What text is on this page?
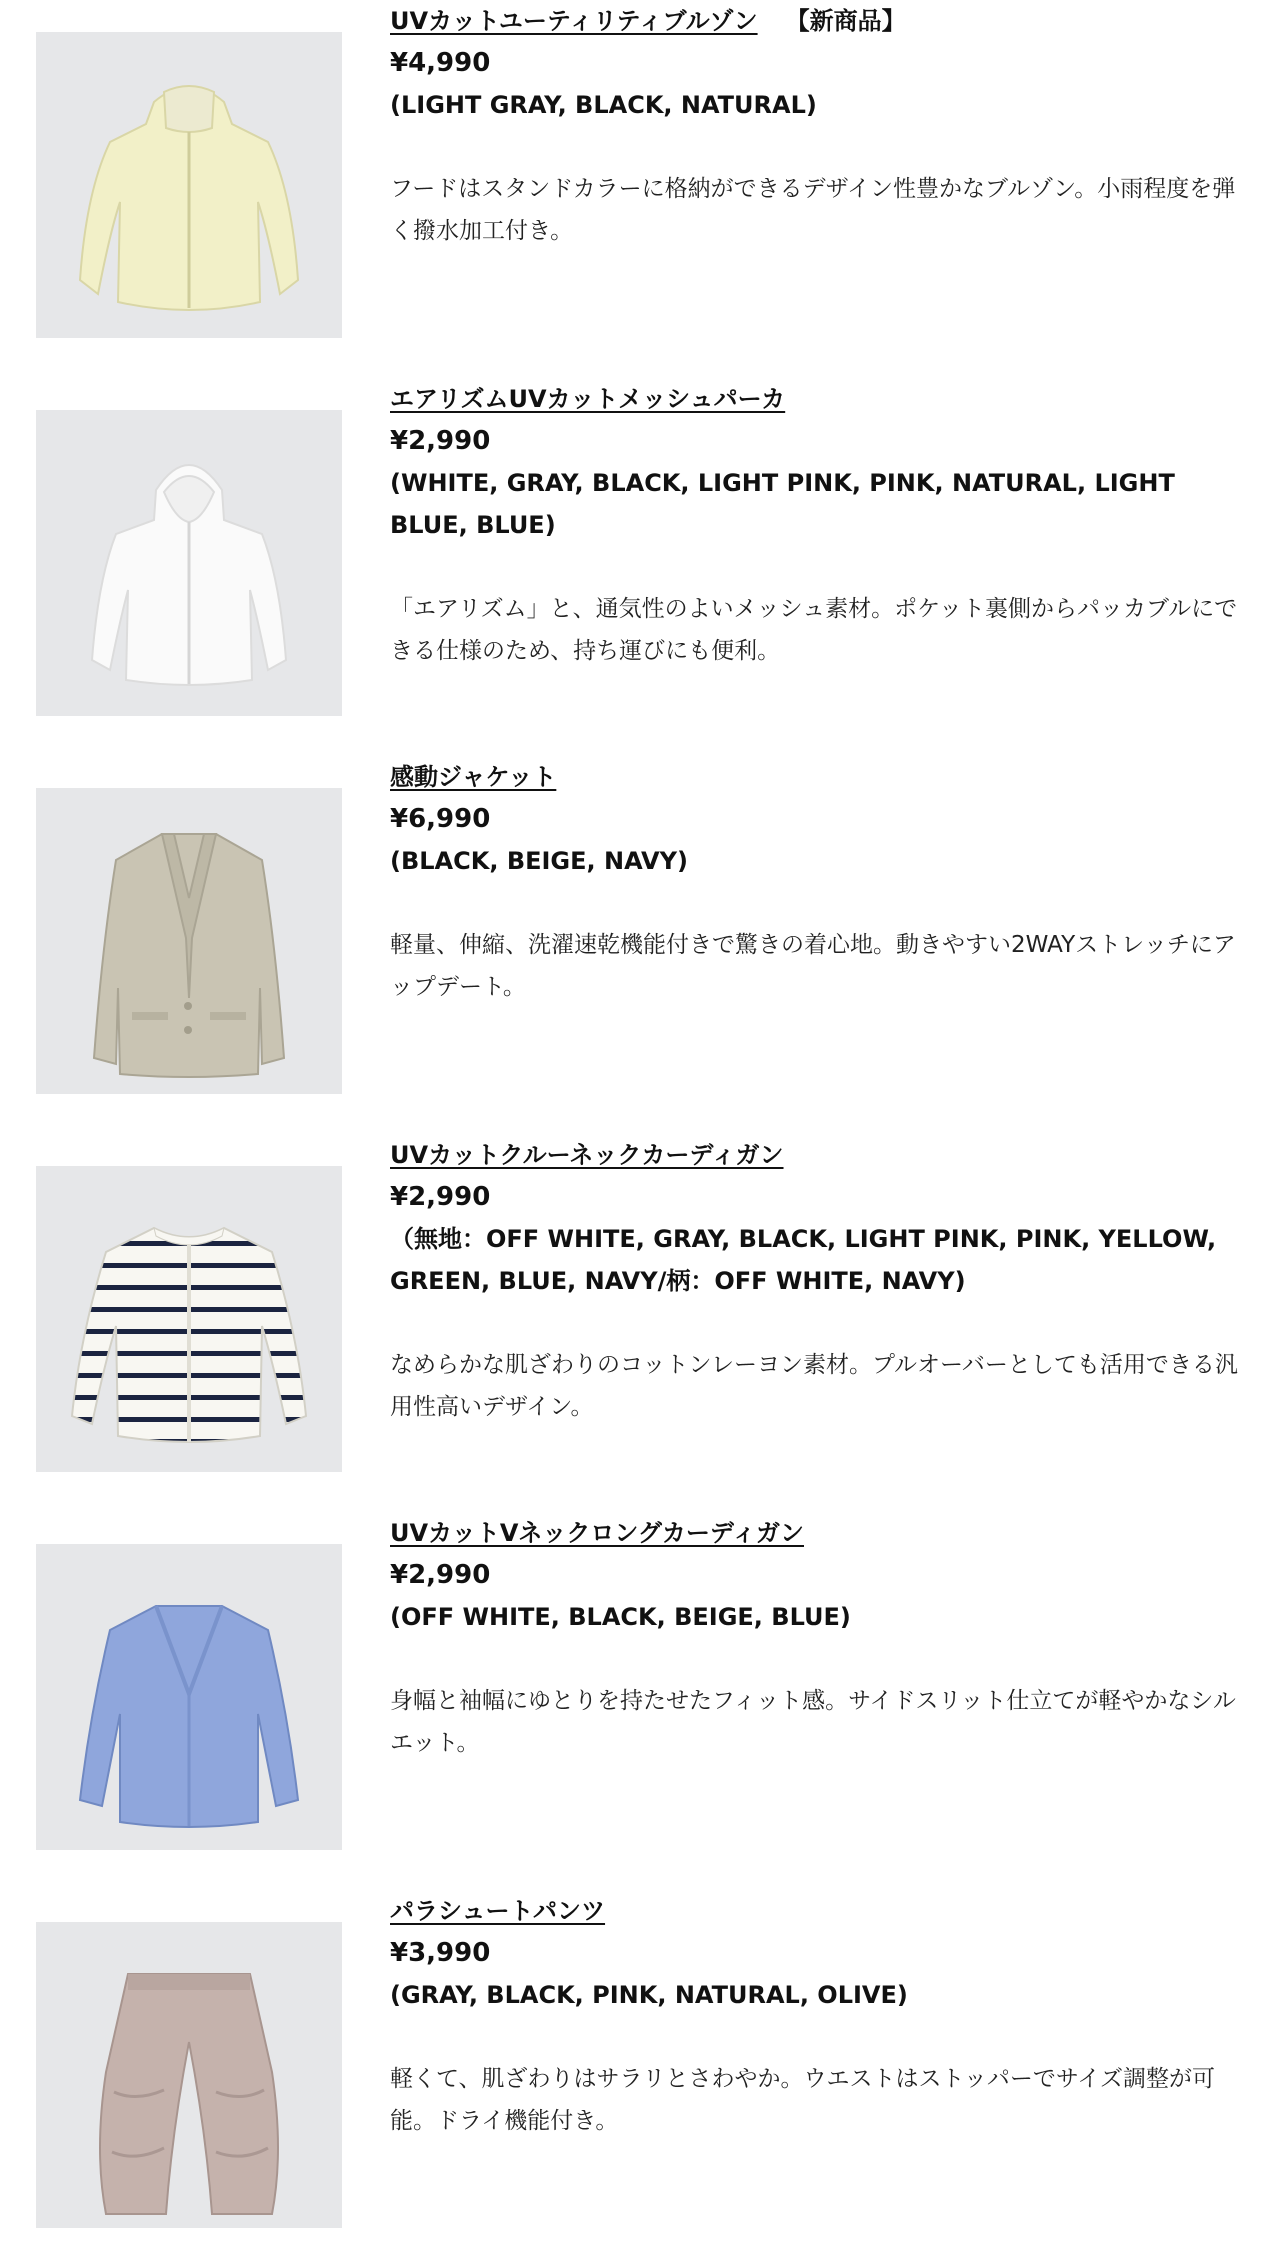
UVカットユーティリティブルゾン 【新商品】
¥4,990
(LIGHT GRAY, BLACK, NATURAL)
フードはスタンドカラーに格納ができるデザイン性豊かなブルゾン。小雨程度を弾く撥水加工付き。
エアリズムUVカットメッシュパーカ
¥2,990
(WHITE, GRAY, BLACK, LIGHT PINK, PINK, NATURAL, LIGHT BLUE, BLUE)
「エアリズム」と、通気性のよいメッシュ素材。ポケット裏側からパッカブルにできる仕様のため、持ち運びにも便利。
感動ジャケット
¥6,990
(BLACK, BEIGE, NAVY)
軽量、伸縮、洗濯速乾機能付きで驚きの着心地。動きやすい2WAYストレッチにアップデート。
UVカットクルーネックカーディガン
¥2,990
（無地：OFF WHITE, GRAY, BLACK, LIGHT PINK, PINK, YELLOW, GREEN, BLUE, NAVY/柄：OFF WHITE, NAVY)
なめらかな肌ざわりのコットンレーヨン素材。プルオーバーとしても活用できる汎用性高いデザイン。
UVカットVネックロングカーディガン
¥2,990
(OFF WHITE, BLACK, BEIGE, BLUE)
身幅と袖幅にゆとりを持たせたフィット感。サイドスリット仕立てが軽やかなシルエット。
パラシュートパンツ
¥3,990
(GRAY, BLACK, PINK, NATURAL, OLIVE)
軽くて、肌ざわりはサラリとさわやか。ウエストはストッパーでサイズ調整が可能。ドライ機能付き。
